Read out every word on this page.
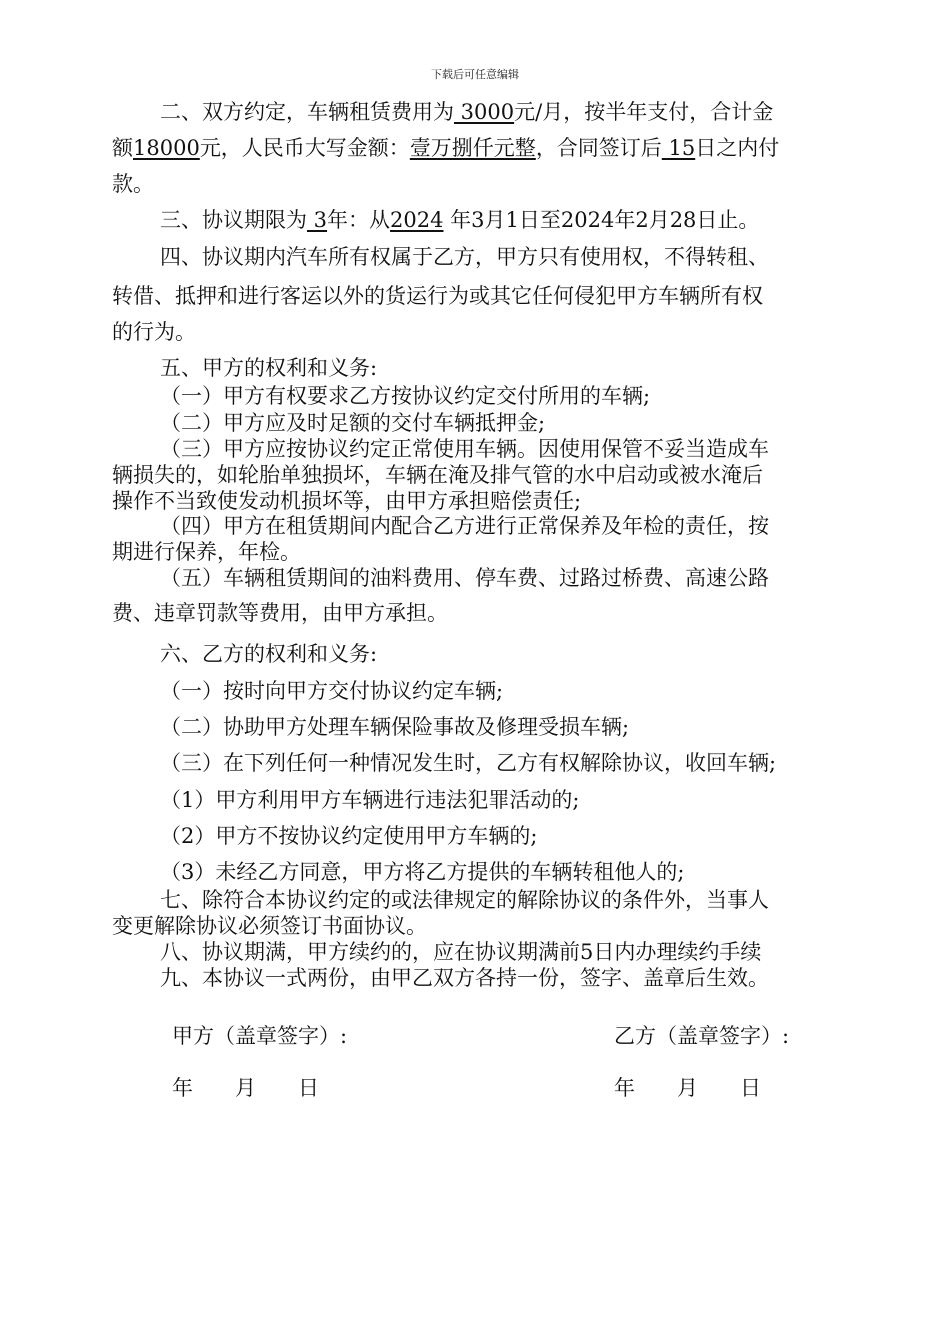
下载后可任意编辑
二、双方约定，车辆租赁费用为 3000元/月，按半年支付，合计金
额18000元，人民币大写金额：壹万捌仟元整，合同签订后 15日之内付
款。
三、协议期限为 3年：从2024 年3月1日至2024年2月28日止。
四、协议期内汽车所有权属于乙方，甲方只有使用权，不得转租、
转借、抵押和进行客运以外的货运行为或其它任何侵犯甲方车辆所有权
的行为。
五、甲方的权利和义务:
（一）甲方有权要求乙方按协议约定交付所用的车辆;
（二）甲方应及时足额的交付车辆抵押金;
（三）甲方应按协议约定正常使用车辆。因使用保管不妥当造成车
辆损失的，如轮胎单独损坏，车辆在淹及排气管的水中启动或被水淹后
操作不当致使发动机损坏等，由甲方承担赔偿责任;
（四）甲方在租赁期间内配合乙方进行正常保养及年检的责任，按
期进行保养，年检。
（五）车辆租赁期间的油料费用、停车费、过路过桥费、高速公路
费、违章罚款等费用，由甲方承担。
六、乙方的权利和义务:
（一）按时向甲方交付协议约定车辆;
（二）协助甲方处理车辆保险事故及修理受损车辆;
（三）在下列任何一种情况发生时，乙方有权解除协议，收回车辆;
（1）甲方利用甲方车辆进行违法犯罪活动的;
（2）甲方不按协议约定使用甲方车辆的;
（3）未经乙方同意，甲方将乙方提供的车辆转租他人的;
七、除符合本协议约定的或法律规定的解除协议的条件外，当事人
变更解除协议必须签订书面协议。
八、协议期满，甲方续约的，应在协议期满前5日内办理续约手续
九、本协议一式两份，由甲乙双方各持一份，签字、盖章后生效。
甲方（盖章签字）:	乙方（盖章签字）:
年　　月　　日	年　　月　　日
